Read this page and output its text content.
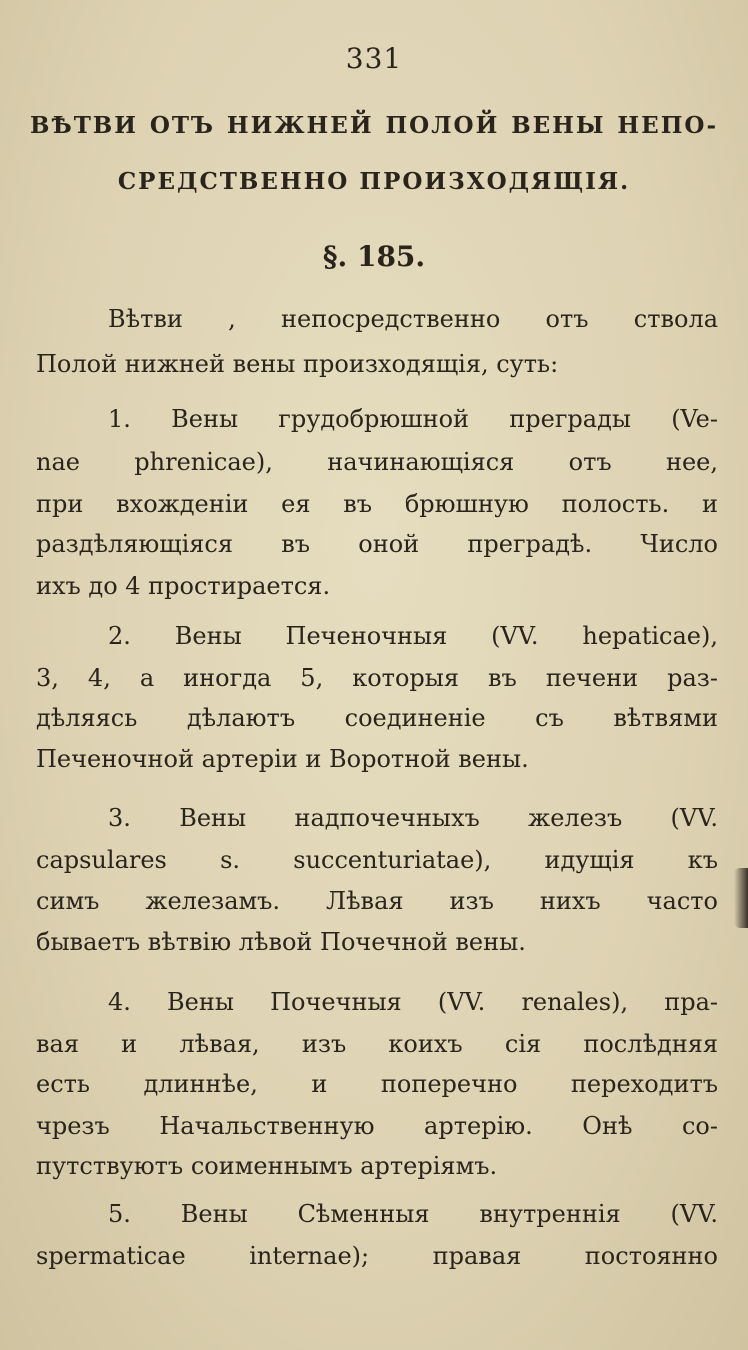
331
ВѢТВИ ОТЪ НИЖНЕЙ ПОЛОЙ ВЕНЫ НЕПО-
СРЕДСТВЕННО ПРОИЗХОДЯЩІЯ.
§. 185.
Вѣтви , непосредственно отъ ствола
Полой нижней вены произходящія, суть:
1. Вены грудобрюшной преграды (Ve-
nae phrenicae), начинающіяся отъ нее,
при вхожденіи ея въ брюшную полость. и
раздѣляющіяся въ оной преградѣ. Число
ихъ до 4 простирается.
2. Вены Печеночныя (VV. hepaticae),
3, 4, а иногда 5, которыя въ печени раз-
дѣляясь дѣлаютъ соединеніе съ вѣтвями
Печеночной артеріи и Воротной вены.
3. Вены надпочечныхъ железъ (VV.
capsulares s. succenturiatae), идущія къ
симъ железамъ. Лѣвая изъ нихъ часто
бываетъ вѣтвію лѣвой Почечной вены.
4. Вены Почечныя (VV. renales), пра-
вая и лѣвая, изъ коихъ сія послѣдняя
есть длиннѣе, и поперечно переходитъ
чрезъ Начальственную артерію. Онѣ со-
путствуютъ соименнымъ артеріямъ.
5. Вены Сѣменныя внутреннія (VV.
spermaticae internae); правая постоянно
